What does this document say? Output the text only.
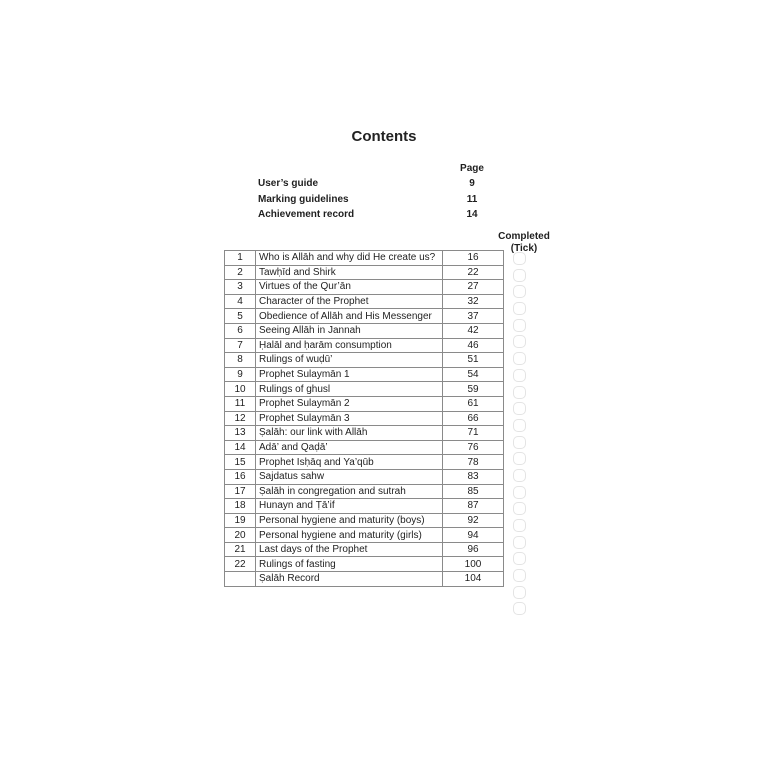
Contents
Page
User’s guide	9
Marking guidelines	11
Achievement record	14
Completed
(Tick)
1	Who is Allāh and why did He create us?	16
2	Tawḥīd and Shirk	22
3	Virtues of the Qur’ān	27
4	Character of the Prophet	32
5	Obedience of Allāh and His Messenger	37
6	Seeing Allāh in Jannah	42
7	Ḥalāl and ḥarām consumption	46
8	Rulings of wuḍū’	51
9	Prophet Sulaymān 1	54
10	Rulings of ghusl	59
11	Prophet Sulaymān 2	61
12	Prophet Sulaymān 3	66
13	Ṣalāh: our link with Allāh	71
14	Adā’ and Qaḍā’	76
15	Prophet Isḥāq and Ya’qūb	78
16	Sajdatus sahw	83
17	Ṣalāh in congregation and sutrah	85
18	Hunayn and Ṭā’if	87
19	Personal hygiene and maturity (boys)	92
20	Personal hygiene and maturity (girls)	94
21	Last days of the Prophet	96
22	Rulings of fasting	100
	Ṣalāh Record	104
